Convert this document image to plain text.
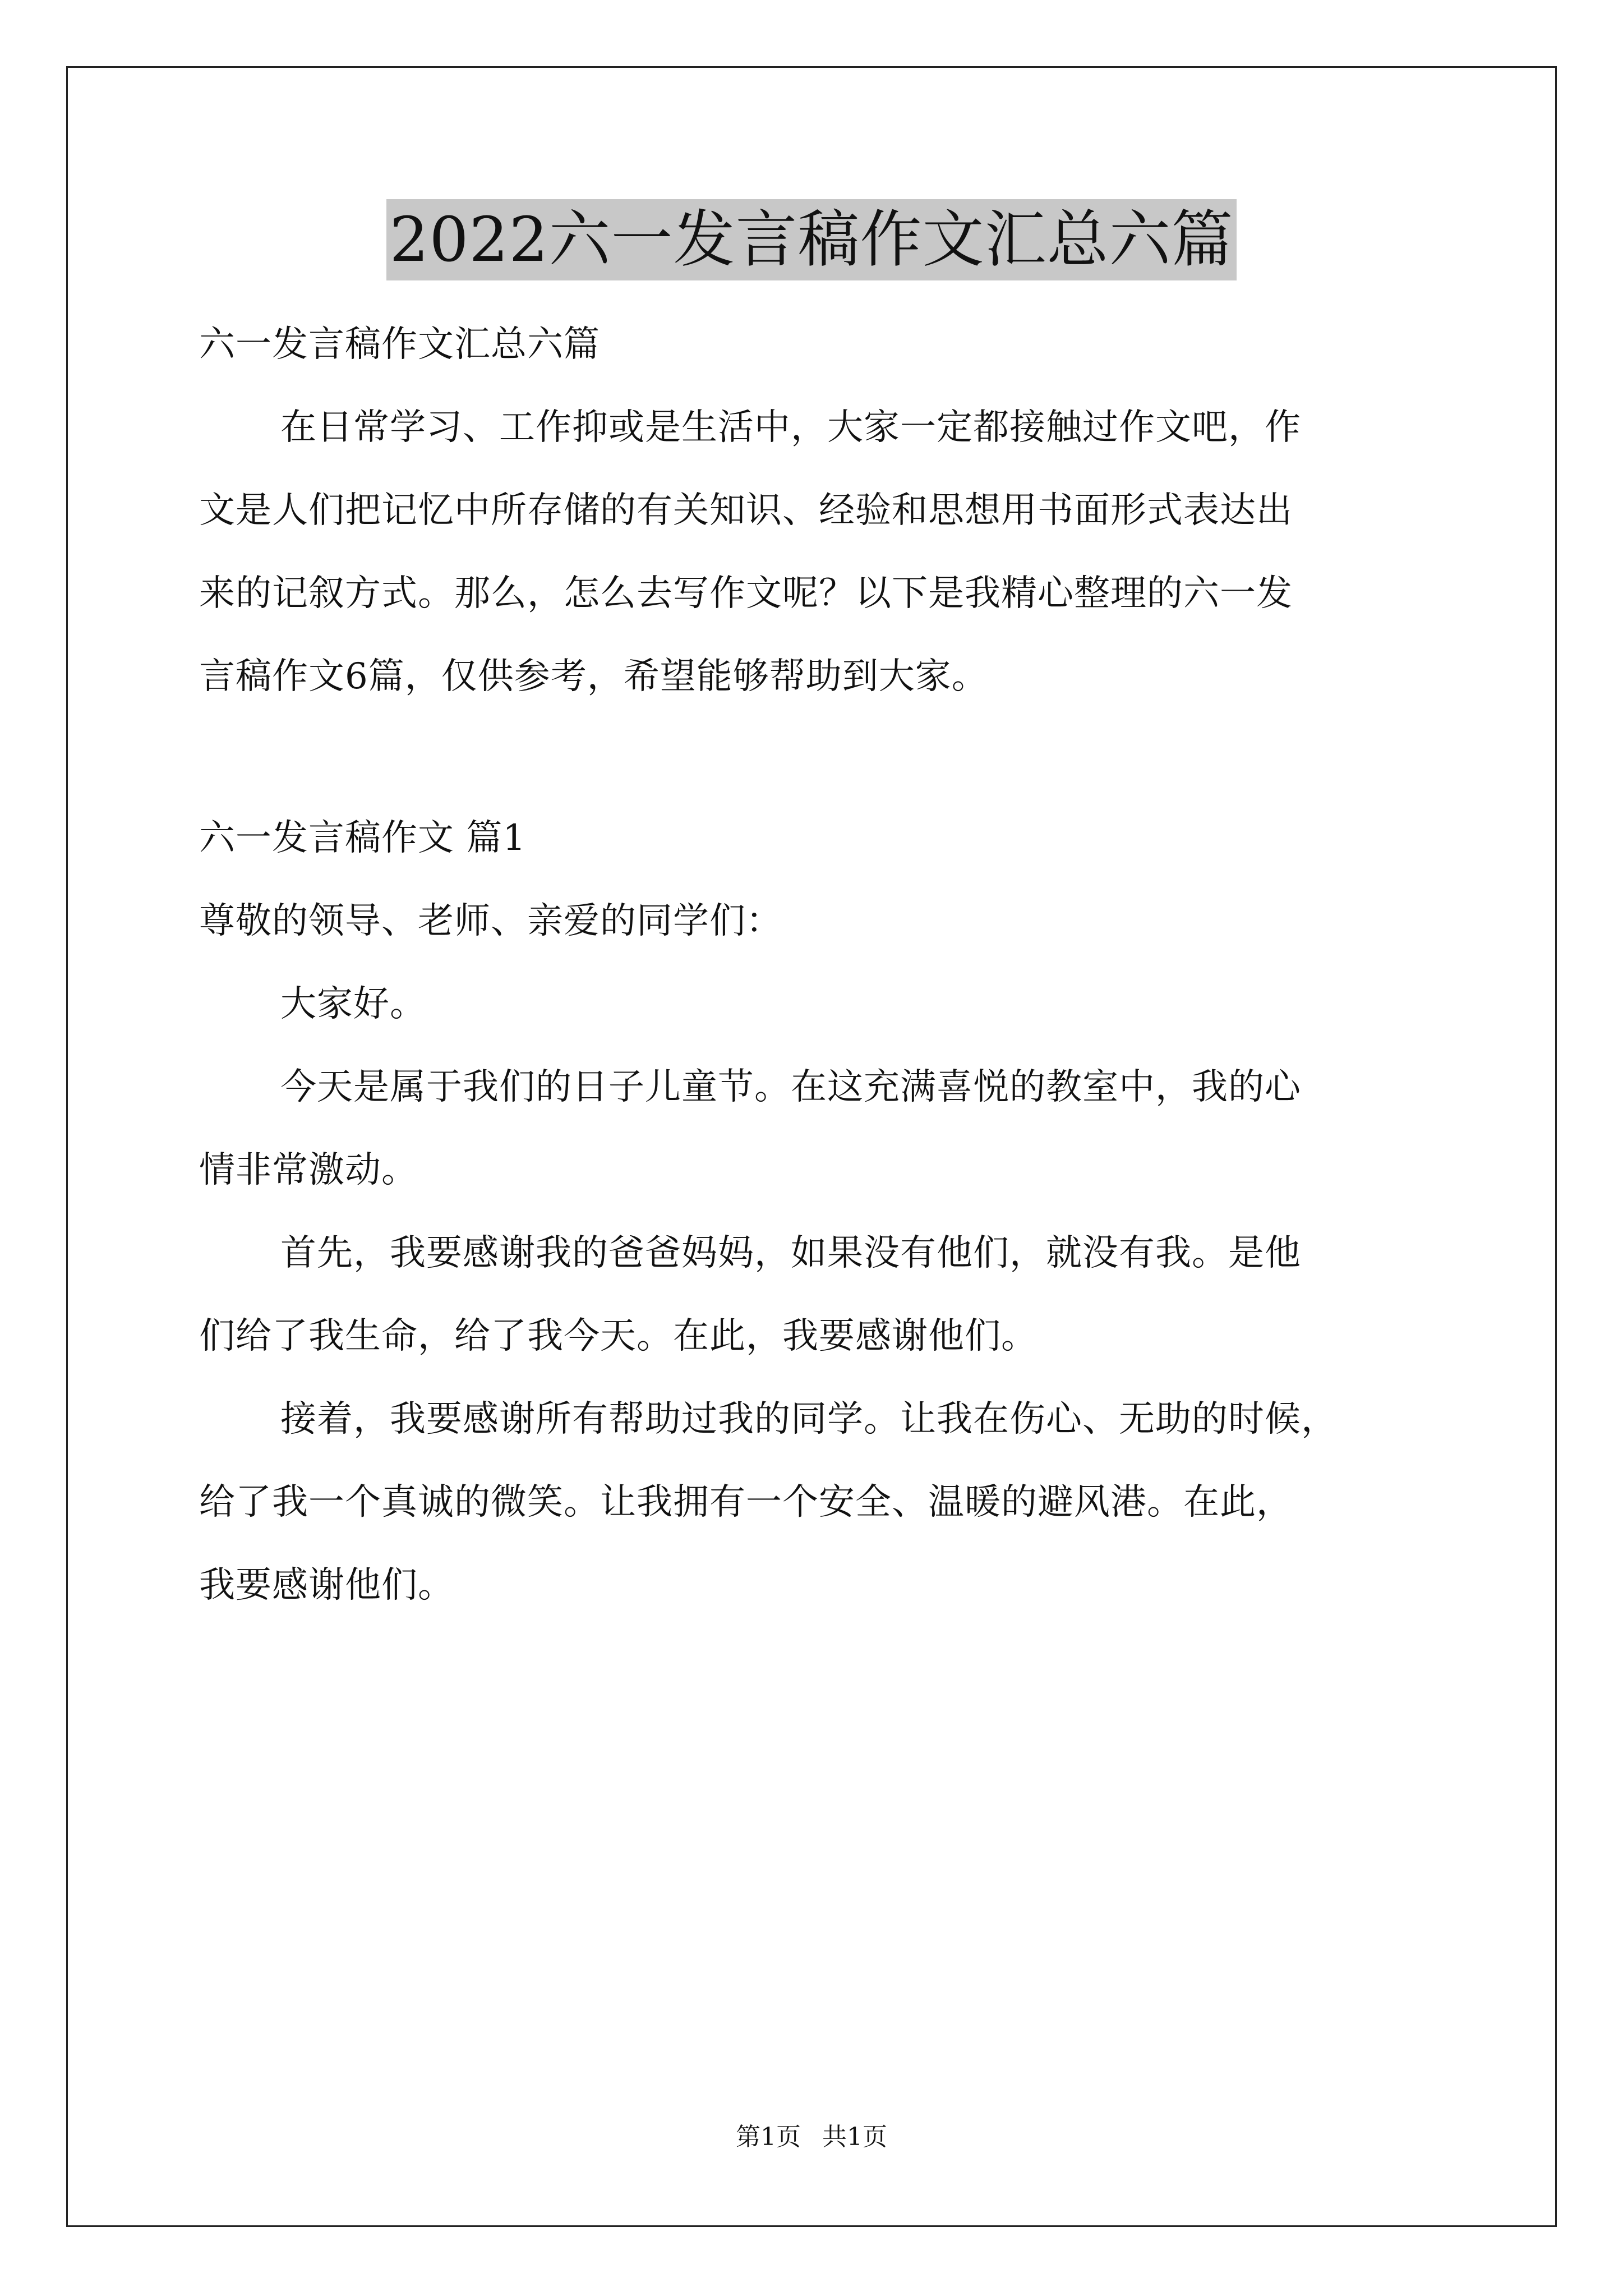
2022六一发言稿作文汇总六篇
六一发言稿作文汇总六篇
在日常学习、工作抑或是生活中，大家一定都接触过作文吧，作
文是人们把记忆中所存储的有关知识、经验和思想用书面形式表达出
来的记叙方式。那么，怎么去写作文呢？以下是我精心整理的六一发
言稿作文6篇，仅供参考，希望能够帮助到大家。
六一发言稿作文 篇1
尊敬的领导、老师、亲爱的同学们：
大家好。
今天是属于我们的日子儿童节。在这充满喜悦的教室中，我的心
情非常激动。
首先，我要感谢我的爸爸妈妈，如果没有他们，就没有我。是他
们给了我生命，给了我今天。在此，我要感谢他们。
接着，我要感谢所有帮助过我的同学。让我在伤心、无助的时候，
给了我一个真诚的微笑。让我拥有一个安全、温暖的避风港。在此，
我要感谢他们。
第1页 共1页
